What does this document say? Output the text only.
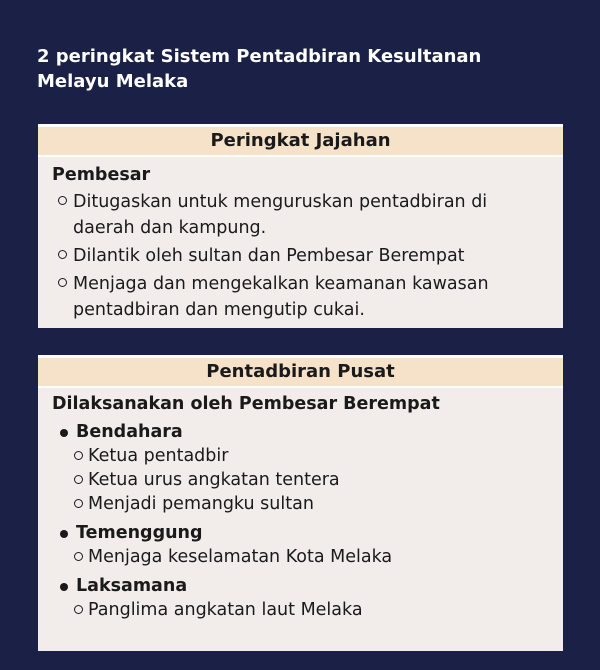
2 peringkat Sistem Pentadbiran Kesultanan Melayu Melaka
Peringkat Jajahan
Pembesar
Ditugaskan untuk menguruskan pentadbiran di daerah dan kampung.
Dilantik oleh sultan dan Pembesar Berempat
Menjaga dan mengekalkan keamanan kawasan pentadbiran dan mengutip cukai.
Pentadbiran Pusat
Dilaksanakan oleh Pembesar Berempat
Bendahara
Ketua pentadbir
Ketua urus angkatan tentera
Menjadi pemangku sultan
Temenggung
Menjaga keselamatan Kota Melaka
Laksamana
Panglima angkatan laut Melaka
